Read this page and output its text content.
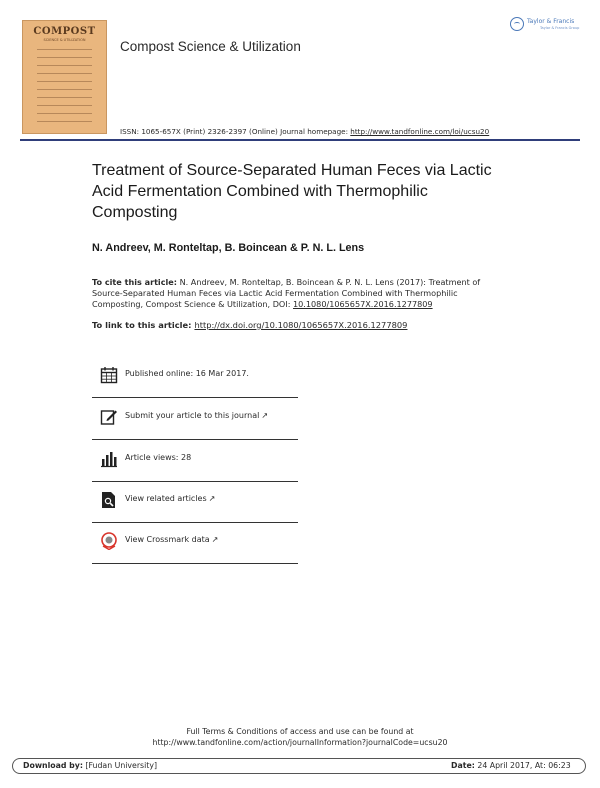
COMPOST
SCIENCE & UTILIZATION	Compost Science & Utilization
Taylor & Francis
Taylor & Francis Group
ISSN: 1065-657X (Print) 2326-2397 (Online) Journal homepage: http://www.tandfonline.com/loi/ucsu20
Treatment of Source-Separated Human Feces via Lactic Acid Fermentation Combined with Thermophilic Composting
N. Andreev, M. Ronteltap, B. Boincean & P. N. L. Lens
To cite this article: N. Andreev, M. Ronteltap, B. Boincean & P. N. L. Lens (2017): Treatment of Source-Separated Human Feces via Lactic Acid Fermentation Combined with Thermophilic Composting, Compost Science & Utilization, DOI: 10.1080/1065657X.2016.1277809
To link to this article: http://dx.doi.org/10.1080/1065657X.2016.1277809
Published online: 16 Mar 2017.
Submit your article to this journal ↗
Article views: 28
View related articles ↗
View Crossmark data ↗
Full Terms & Conditions of access and use can be found at
http://www.tandfonline.com/action/journalInformation?journalCode=ucsu20
Download by: [Fudan University]	Date: 24 April 2017, At: 06:23
